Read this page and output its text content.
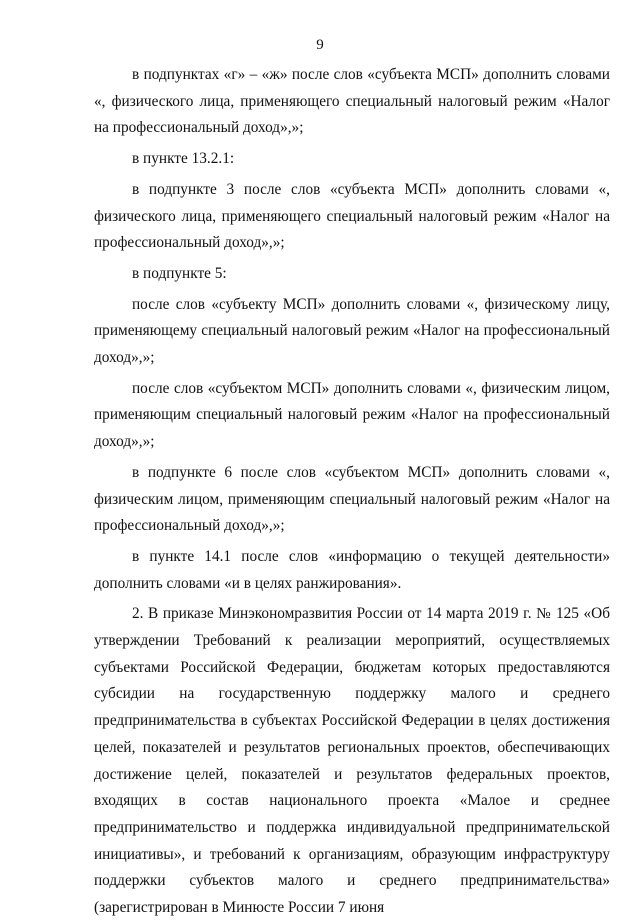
9

в подпунктах «г» – «ж» после слов «субъекта МСП» дополнить словами «, физического лица, применяющего специальный налоговый режим «Налог на профессиональный доход»,»;

в пункте 13.2.1:

в подпункте 3 после слов «субъекта МСП» дополнить словами «, физического лица, применяющего специальный налоговый режим «Налог на профессиональный доход»,»;

в подпункте 5:

после слов «субъекту МСП» дополнить словами «, физическому лицу, применяющему специальный налоговый режим «Налог на профессиональный доход»,»;

после слов «субъектом МСП» дополнить словами «, физическим лицом, применяющим специальный налоговый режим «Налог на профессиональный доход»,»;

в подпункте 6 после слов «субъектом МСП» дополнить словами «, физическим лицом, применяющим специальный налоговый режим «Налог на профессиональный доход»,»;

в пункте 14.1 после слов «информацию о текущей деятельности» дополнить словами «и в целях ранжирования».

2. В приказе Минэкономразвития России от 14 марта 2019 г. № 125 «Об утверждении Требований к реализации мероприятий, осуществляемых субъектами Российской Федерации, бюджетам которых предоставляются субсидии на государственную поддержку малого и среднего предпринимательства в субъектах Российской Федерации в целях достижения целей, показателей и результатов региональных проектов, обеспечивающих достижение целей, показателей и результатов федеральных проектов, входящих в состав национального проекта «Малое и среднее предпринимательство и поддержка индивидуальной предпринимательской инициативы», и требований к организациям, образующим инфраструктуру поддержки субъектов малого и среднего предпринимательства» (зарегистрирован в Минюсте России 7 июня
